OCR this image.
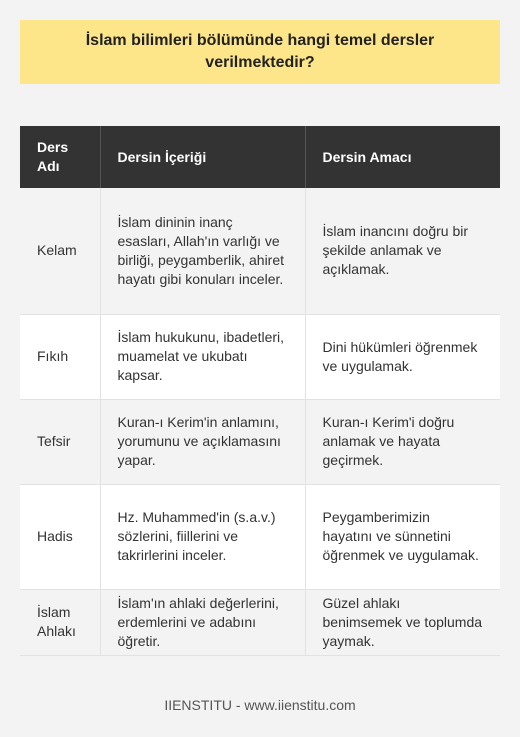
İslam bilimleri bölümünde hangi temel dersler verilmektedir?
Ders Adı	Dersin İçeriği	Dersin Amacı
Kelam	İslam dininin inanç esasları, Allah'ın varlığı ve birliği, peygamberlik, ahiret hayatı gibi konuları inceler.	İslam inancını doğru bir şekilde anlamak ve açıklamak.
Fıkıh	İslam hukukunu, ibadetleri, muamelat ve ukubatı kapsar.	Dini hükümleri öğrenmek ve uygulamak.
Tefsir	Kuran-ı Kerim'in anlamını, yorumunu ve açıklamasını yapar.	Kuran-ı Kerim'i doğru anlamak ve hayata geçirmek.
Hadis	Hz. Muhammed'in (s.a.v.) sözlerini, fiillerini ve takrirlerini inceler.	Peygamberimizin hayatını ve sünnetini öğrenmek ve uygulamak.
İslam Ahlakı	İslam'ın ahlaki değerlerini, erdemlerini ve adabını öğretir.	Güzel ahlakı benimsemek ve toplumda yaymak.
IIENSTITU - www.iienstitu.com
